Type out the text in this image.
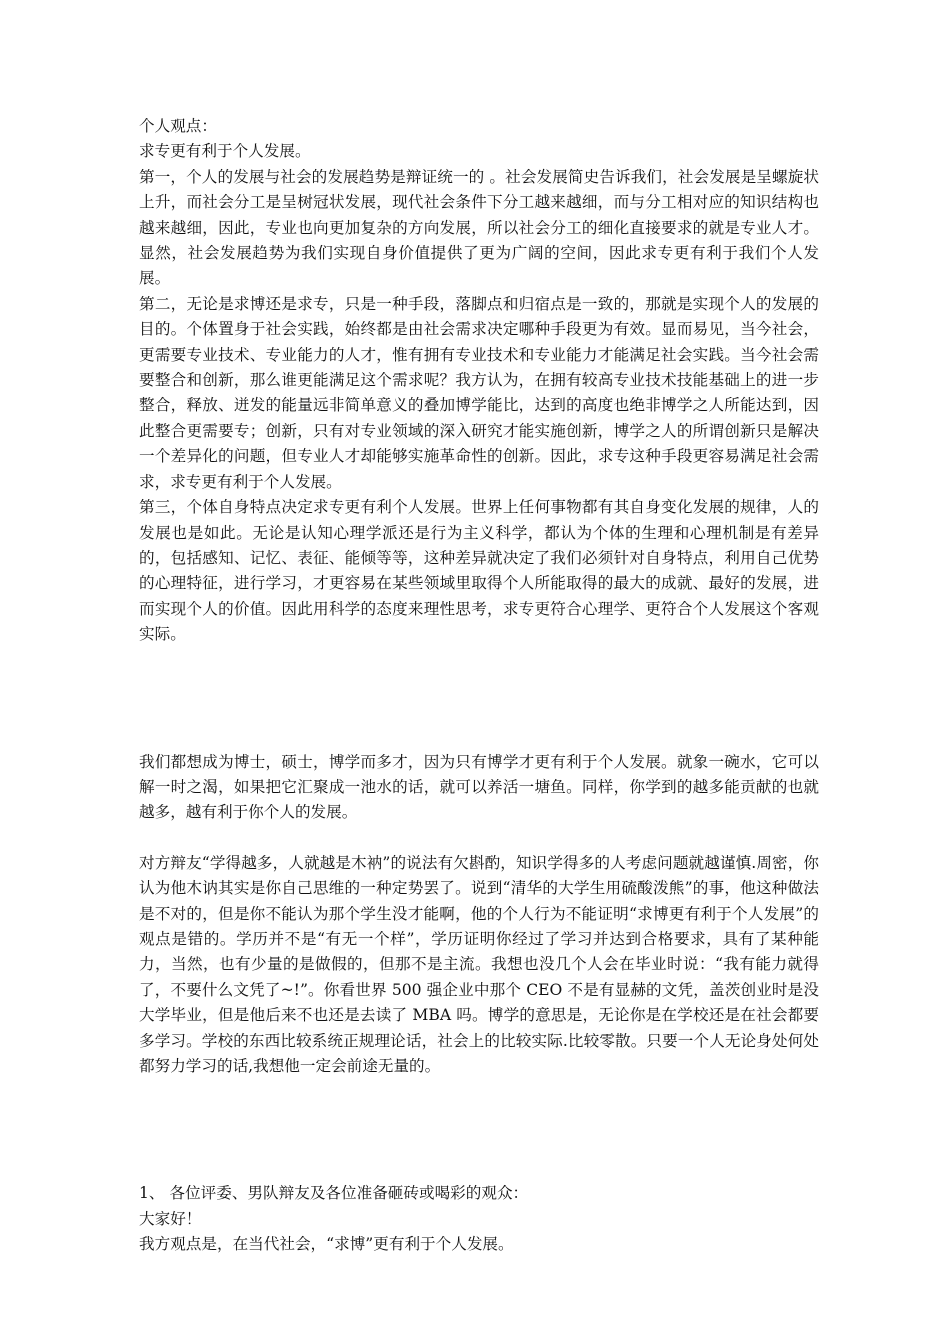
个人观点：

求专更有利于个人发展。

第一，个人的发展与社会的发展趋势是辩证统一的 。社会发展简史告诉我们，社会发展是呈螺旋状上升，而社会分工是呈树冠状发展，现代社会条件下分工越来越细，而与分工相对应的知识结构也越来越细，因此，专业也向更加复杂的方向发展，所以社会分工的细化直接要求的就是专业人才。显然，社会发展趋势为我们实现自身价值提供了更为广阔的空间，因此求专更有利于我们个人发展。

第二，无论是求博还是求专，只是一种手段，落脚点和归宿点是一致的，那就是实现个人的发展的目的。个体置身于社会实践，始终都是由社会需求决定哪种手段更为有效。显而易见，当今社会，更需要专业技术、专业能力的人才，惟有拥有专业技术和专业能力才能满足社会实践。当今社会需要整合和创新，那么谁更能满足这个需求呢？我方认为，在拥有较高专业技术技能基础上的进一步整合，释放、迸发的能量远非简单意义的叠加博学能比，达到的高度也绝非博学之人所能达到，因此整合更需要专；创新，只有对专业领域的深入研究才能实施创新，博学之人的所谓创新只是解决一个差异化的问题，但专业人才却能够实施革命性的创新。因此，求专这种手段更容易满足社会需求，求专更有利于个人发展。

第三，个体自身特点决定求专更有利个人发展。世界上任何事物都有其自身变化发展的规律，人的发展也是如此。无论是认知心理学派还是行为主义科学，都认为个体的生理和心理机制是有差异的，包括感知、记忆、表征、能倾等等，这种差异就决定了我们必须针对自身特点，利用自己优势的心理特征，进行学习，才更容易在某些领域里取得个人所能取得的最大的成就、最好的发展，进而实现个人的价值。因此用科学的态度来理性思考，求专更符合心理学、更符合个人发展这个客观实际。

我们都想成为博士，硕士，博学而多才，因为只有博学才更有利于个人发展。就象一碗水，它可以解一时之渴，如果把它汇聚成一池水的话，就可以养活一塘鱼。同样，你学到的越多能贡献的也就越多，越有利于你个人的发展。

对方辩友“学得越多，人就越是木衲”的说法有欠斟酌，知识学得多的人考虑问题就越谨慎.周密，你认为他木讷其实是你自己思维的一种定势罢了。说到“清华的大学生用硫酸泼熊”的事，他这种做法是不对的，但是你不能认为那个学生没才能啊，他的个人行为不能证明“求博更有利于个人发展”的观点是错的。学历并不是“有无一个样”，学历证明你经过了学习并达到合格要求，具有了某种能力，当然，也有少量的是做假的，但那不是主流。我想也没几个人会在毕业时说：“我有能力就得了，不要什么文凭了~!”。你看世界 500 强企业中那个 CEO 不是有显赫的文凭，盖茨创业时是没大学毕业，但是他后来不也还是去读了 MBA 吗。博学的意思是，无论你是在学校还是在社会都要多学习。学校的东西比较系统正规理论话，社会上的比较实际.比较零散。只要一个人无论身处何处都努力学习的话,我想他一定会前途无量的。

1、 各位评委、男队辩友及各位准备砸砖或喝彩的观众：

大家好！

我方观点是，在当代社会，“求博”更有利于个人发展。
